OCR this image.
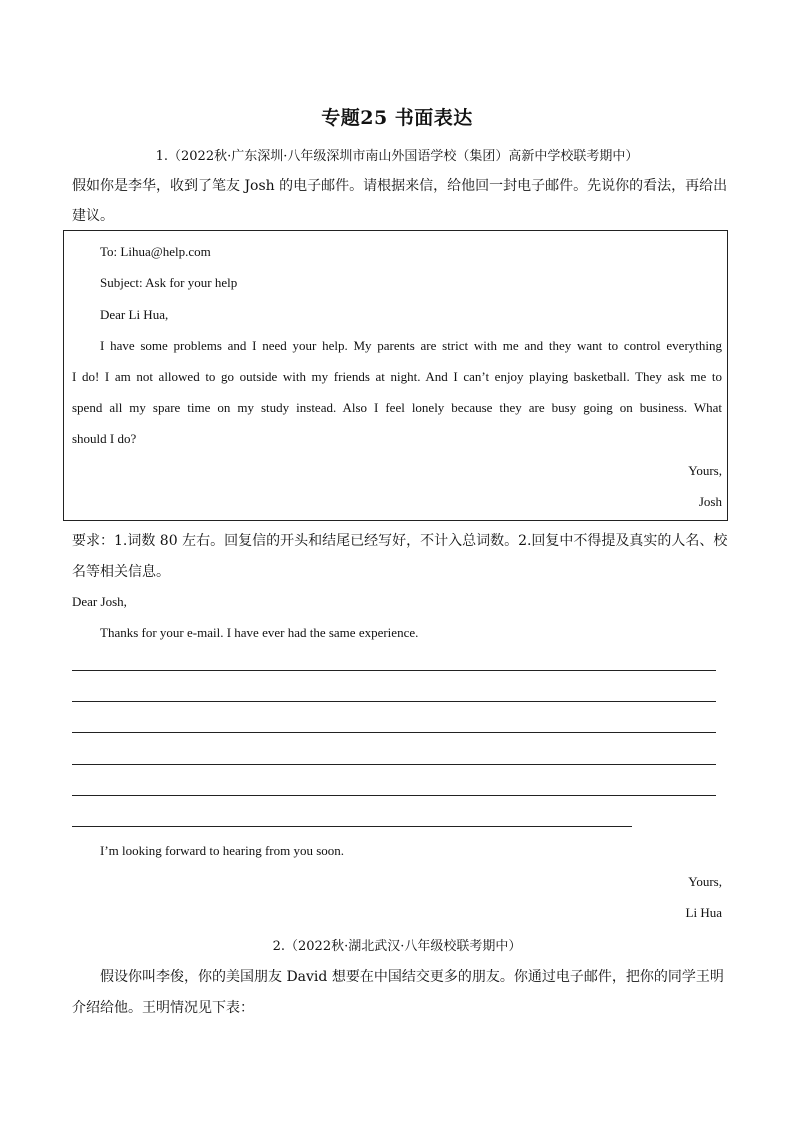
专题25 书面表达
1.（2022秋·广东深圳·八年级深圳市南山外国语学校（集团）高新中学校联考期中）
假如你是李华，收到了笔友 Josh 的电子邮件。请根据来信，给他回一封电子邮件。先说你的看法，再给出
建议。
To: Lihua@help.com
Subject: Ask for your help
Dear Li Hua,
I have some problems and I need your help. My parents are strict with me and they want to control everything
I do! I am not allowed to go outside with my friends at night. And I can’t enjoy playing basketball. They ask me to
spend all my spare time on my study instead. Also I feel lonely because they are busy going on business. What
should I do?
Yours,
Josh
要求：1.词数 80 左右。回复信的开头和结尾已经写好，不计入总词数。2.回复中不得提及真实的人名、校
名等相关信息。
Dear Josh,
Thanks for your e-mail. I have ever had the same experience.
I’m looking forward to hearing from you soon.
Yours,
Li Hua
2.（2022秋·湖北武汉·八年级校联考期中）
假设你叫李俊，你的美国朋友 David 想要在中国结交更多的朋友。你通过电子邮件，把你的同学王明
介绍给他。王明情况见下表：
